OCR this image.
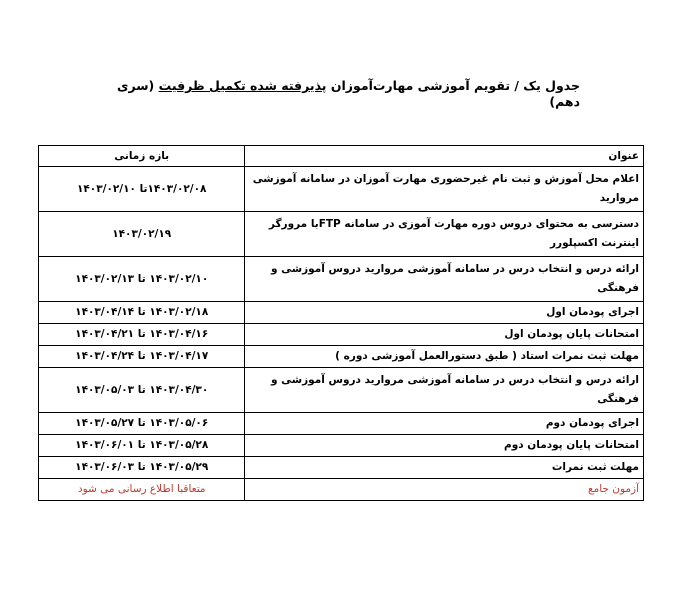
جدول یک / تقویم آموزشی مهارت‌آموزان پذیرفته شده تکمیل ظرفیت (سری دهم)
عنوان	بازه زمانی
اعلام محل آموزش و ثبت نام غیرحضوری مهارت آموزان در سامانه آموزشی مروارید	۱۴۰۳/۰۲/۰۸تا ۱۴۰۳/۰۲/۱۰
دسترسی به محتوای دروس دوره مهارت آموزی در سامانه FTPبا مرورگر اینترنت اکسپلورر	۱۴۰۳/۰۲/۱۹
ارائه درس و انتخاب درس در سامانه آموزشی مروارید دروس آموزشی و فرهنگی	۱۴۰۳/۰۲/۱۰ تا ۱۴۰۳/۰۲/۱۳
اجرای پودمان اول	۱۴۰۳/۰۲/۱۸ تا ۱۴۰۳/۰۴/۱۴
امتحانات پایان پودمان اول	۱۴۰۳/۰۴/۱۶ تا ۱۴۰۳/۰۴/۲۱
مهلت ثبت نمرات استاد ( طبق دستورالعمل آموزشی دوره )	۱۴۰۳/۰۴/۱۷ تا ۱۴۰۳/۰۴/۲۴
ارائه درس و انتخاب درس در سامانه آموزشی مروارید دروس آموزشی و فرهنگی	۱۴۰۳/۰۴/۳۰ تا ۱۴۰۳/۰۵/۰۳
اجرای پودمان دوم	۱۴۰۳/۰۵/۰۶ تا ۱۴۰۳/۰۵/۲۷
امتحانات پایان پودمان دوم	۱۴۰۳/۰۵/۲۸ تا ۱۴۰۳/۰۶/۰۱
مهلت ثبت نمرات	۱۴۰۳/۰۵/۲۹ تا ۱۴۰۳/۰۶/۰۳
آزمون جامع	متعاقبا اطلاع رسانی می شود
